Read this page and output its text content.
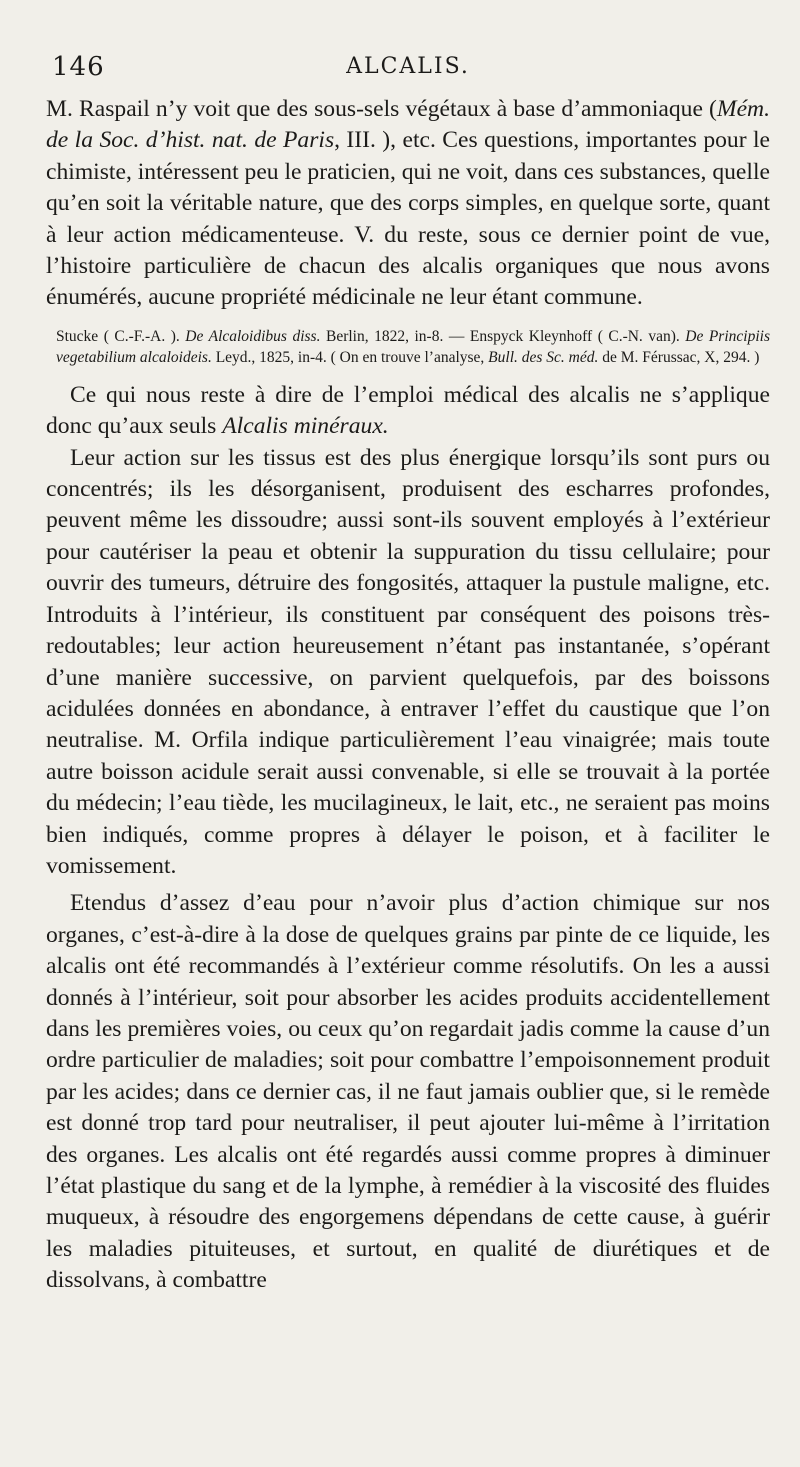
146	ALCALIS.

M. Raspail n’y voit que des sous-sels végétaux à base d’ammoniaque (Mém. de la Soc. d’hist. nat. de Paris, III. ), etc. Ces questions, importantes pour le chimiste, intéressent peu le praticien, qui ne voit, dans ces substances, quelle qu’en soit la véritable nature, que des corps simples, en quelque sorte, quant à leur action médicamenteuse. V. du reste, sous ce dernier point de vue, l’histoire particulière de chacun des alcalis organiques que nous avons énumérés, aucune propriété médicinale ne leur étant commune.

Stucke ( C.-F.-A. ). De Alcaloidibus diss. Berlin, 1822, in-8. — Enspyck Kleynhoff ( C.-N. van). De Principiis vegetabilium alcaloideis. Leyd., 1825, in-4. ( On en trouve l’analyse, Bull. des Sc. méd. de M. Férussac, X, 294. )

Ce qui nous reste à dire de l’emploi médical des alcalis ne s’applique donc qu’aux seuls Alcalis minéraux.

Leur action sur les tissus est des plus énergique lorsqu’ils sont purs ou concentrés; ils les désorganisent, produisent des escharres profondes, peuvent même les dissoudre; aussi sont-ils souvent employés à l’extérieur pour cautériser la peau et obtenir la suppuration du tissu cellulaire; pour ouvrir des tumeurs, détruire des fongosités, attaquer la pustule maligne, etc. Introduits à l’intérieur, ils constituent par conséquent des poisons très-redoutables; leur action heureusement n’étant pas instantanée, s’opérant d’une manière successive, on parvient quelquefois, par des boissons acidulées données en abondance, à entraver l’effet du caustique que l’on neutralise. M. Orfila indique particulièrement l’eau vinaigrée; mais toute autre boisson acidule serait aussi convenable, si elle se trouvait à la portée du médecin; l’eau tiède, les mucilagineux, le lait, etc., ne seraient pas moins bien indiqués, comme propres à délayer le poison, et à faciliter le vomissement.

Etendus d’assez d’eau pour n’avoir plus d’action chimique sur nos organes, c’est-à-dire à la dose de quelques grains par pinte de ce liquide, les alcalis ont été recommandés à l’extérieur comme résolutifs. On les a aussi donnés à l’intérieur, soit pour absorber les acides produits accidentellement dans les premières voies, ou ceux qu’on regardait jadis comme la cause d’un ordre particulier de maladies; soit pour combattre l’empoisonnement produit par les acides; dans ce dernier cas, il ne faut jamais oublier que, si le remède est donné trop tard pour neutraliser, il peut ajouter lui-même à l’irritation des organes. Les alcalis ont été regardés aussi comme propres à diminuer l’état plastique du sang et de la lymphe, à remédier à la viscosité des fluides muqueux, à résoudre des engorgemens dépendans de cette cause, à guérir les maladies pituiteuses, et surtout, en qualité de diurétiques et de dissolvans, à combattre
